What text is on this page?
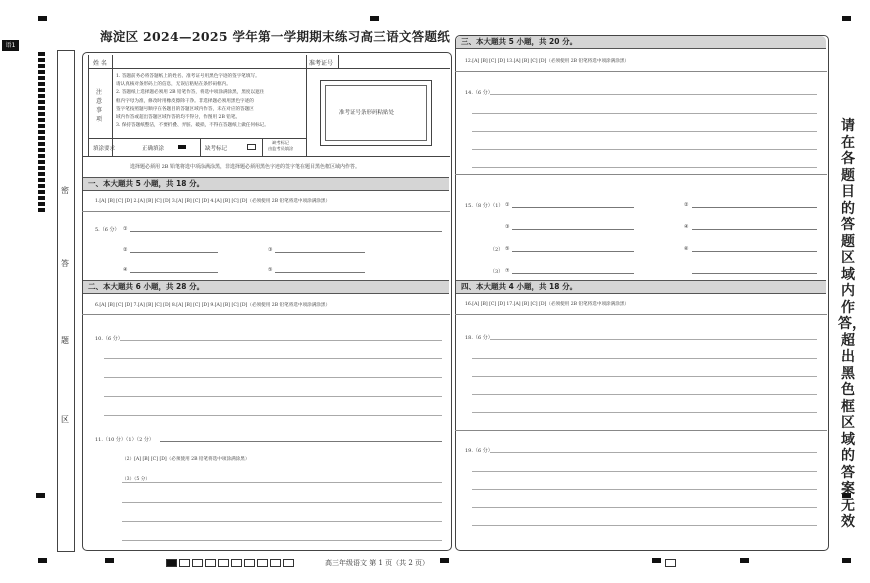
语1
密
答
题
区
海淀区 2024—2025 学年第一学期期末练习高三语文答题纸
姓 名	准考证号
注
意
事
项
1. 答题前务必将答题纸上的姓名、准考证号用黑色字迹的签字笔填写。
请认真核对条形码上的信息，无误后粘贴在条形码框内。
2. 答题纸上选择题必须用 2B 铅笔作答，将选中项涂满涂黑，黑度以遮住
框内字母为准，修改时用橡皮擦除干净。非选择题必须用黑色字迹的
签字笔按照题号顺序在各题目的答题区域内作答，未在对应的答题区
域内作答或超出答题区域作答的均不得分，作图用 2B 铅笔。
3. 保持答题纸整洁，不要折叠、弄脏、破损，不得在答题纸上做任何标记。
准考证号条形码粘贴处
填涂要求	正确填涂	缺考标记
缺考标记
由监考员填涂
选择题必须用 2B 铅笔将选中项涂满涂黑，非选择题必须用黑色字迹的签字笔在题目黑色框区域内作答。
一、本大题共 5 小题，共 18 分。
1.[A] [B] [C] [D] 2.[A] [B] [C] [D] 3.[A] [B] [C] [D] 4.[A] [B] [C] [D]（必须使用 2B 铅笔将选中项涂满涂黑）
5.（6 分） ①
②	③
④	⑤
二、本大题共 6 小题，共 28 分。
6.[A] [B] [C] [D] 7.[A] [B] [C] [D] 8.[A] [B] [C] [D] 9.[A] [B] [C] [D]（必须使用 2B 铅笔将选中项涂满涂黑）
10.（6 分）
11.（10 分）（1）（2 分）
（2）[A] [B] [C] [D]（必须使用 2B 铅笔将选中项涂满涂黑）
（3）（5 分）
三、本大题共 5 小题，共 20 分。
12.[A] [B] [C] [D] 13.[A] [B] [C] [D]（必须使用 2B 铅笔将选中项涂满涂黑）
14.（6 分）
15.（8 分）（1） ①	②
③	④
（2） ⑤	⑥
（3） ⑦
四、本大题共 4 小题，共 18 分。
16.[A] [B] [C] [D] 17.[A] [B] [C] [D]（必须使用 2B 铅笔将选中项涂满涂黑）
18.（6 分）
19.（6 分）
请在各题目的答题区域内作答，超出黑色框区域的答案无效
高三年级语文 第 1 页（共 2 页）
